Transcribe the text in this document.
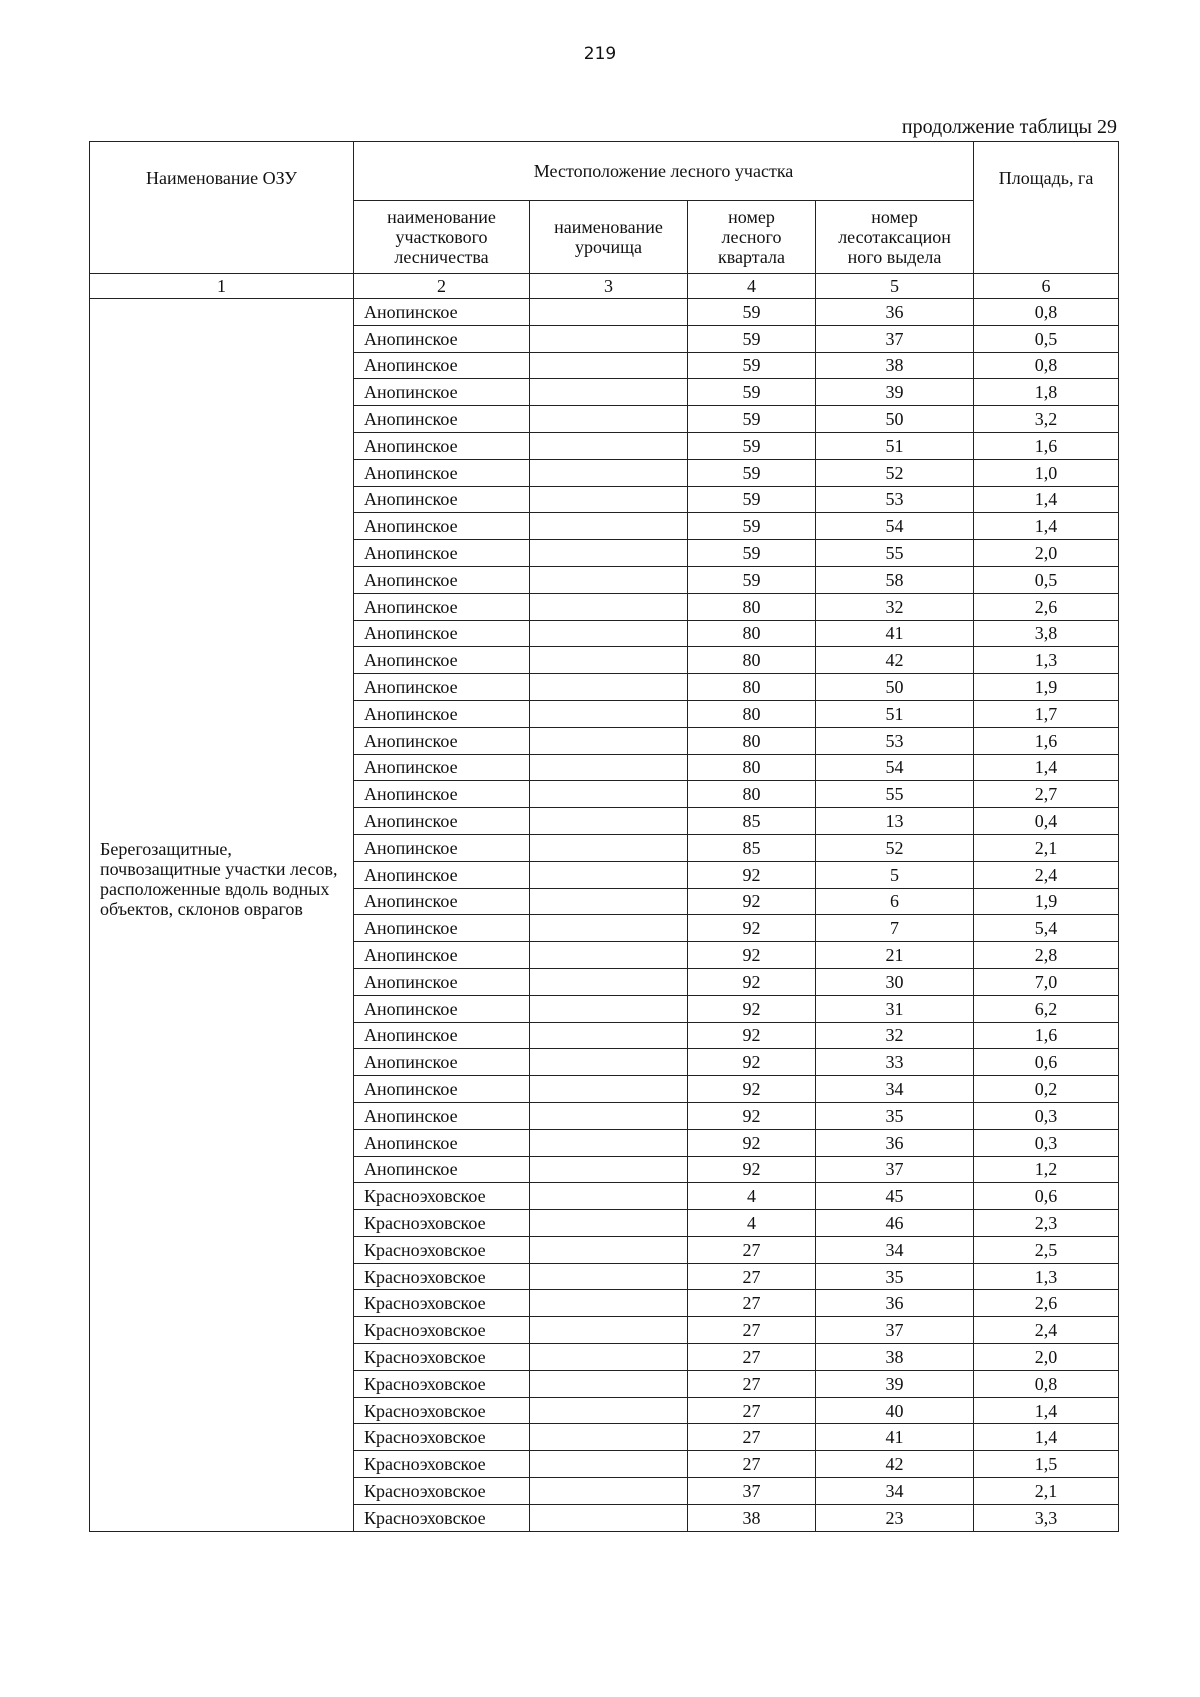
219
продолжение таблицы 29
Наименование ОЗУ	Местоположение лесного участка				Площадь, га
	наименование участкового лесничества	наименование урочища	номер лесного квартала	номер лесотаксацион ного выдела	
1	2	3	4	5	6
Берегозащитные, почвозащитные участки лесов, расположенные вдоль водных объектов, склонов оврагов	Анопинское		59	36	0,8
	Анопинское		59	37	0,5
	Анопинское		59	38	0,8
	Анопинское		59	39	1,8
	Анопинское		59	50	3,2
	Анопинское		59	51	1,6
	Анопинское		59	52	1,0
	Анопинское		59	53	1,4
	Анопинское		59	54	1,4
	Анопинское		59	55	2,0
	Анопинское		59	58	0,5
	Анопинское		80	32	2,6
	Анопинское		80	41	3,8
	Анопинское		80	42	1,3
	Анопинское		80	50	1,9
	Анопинское		80	51	1,7
	Анопинское		80	53	1,6
	Анопинское		80	54	1,4
	Анопинское		80	55	2,7
	Анопинское		85	13	0,4
	Анопинское		85	52	2,1
	Анопинское		92	5	2,4
	Анопинское		92	6	1,9
	Анопинское		92	7	5,4
	Анопинское		92	21	2,8
	Анопинское		92	30	7,0
	Анопинское		92	31	6,2
	Анопинское		92	32	1,6
	Анопинское		92	33	0,6
	Анопинское		92	34	0,2
	Анопинское		92	35	0,3
	Анопинское		92	36	0,3
	Анопинское		92	37	1,2
	Красноэховское		4	45	0,6
	Красноэховское		4	46	2,3
	Красноэховское		27	34	2,5
	Красноэховское		27	35	1,3
	Красноэховское		27	36	2,6
	Красноэховское		27	37	2,4
	Красноэховское		27	38	2,0
	Красноэховское		27	39	0,8
	Красноэховское		27	40	1,4
	Красноэховское		27	41	1,4
	Красноэховское		27	42	1,5
	Красноэховское		37	34	2,1
	Красноэховское		38	23	3,3
